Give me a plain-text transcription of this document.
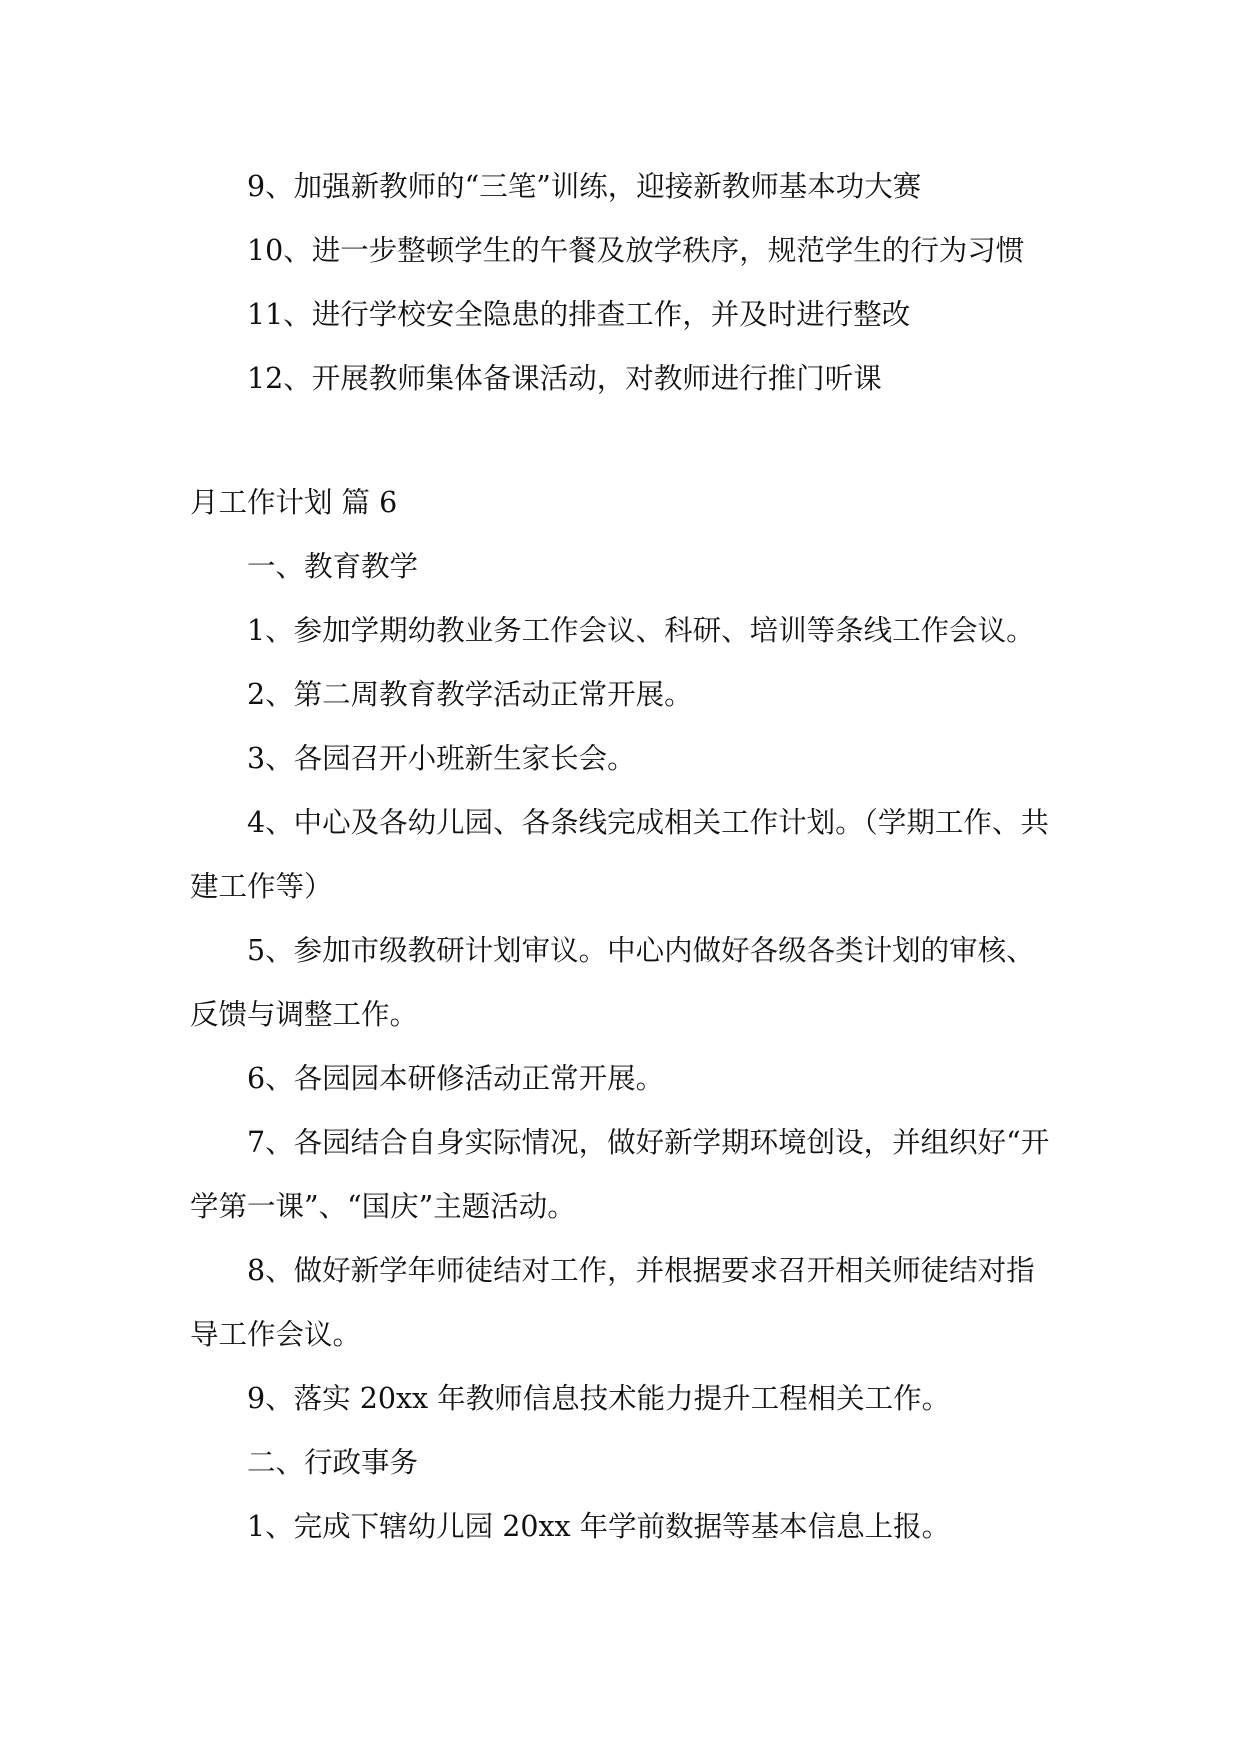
9、加强新教师的“三笔”训练，迎接新教师基本功大赛

10、进一步整顿学生的午餐及放学秩序，规范学生的行为习惯

11、进行学校安全隐患的排查工作，并及时进行整改

12、开展教师集体备课活动，对教师进行推门听课

月工作计划 篇 6

一、教育教学

1、参加学期幼教业务工作会议、科研、培训等条线工作会议。

2、第二周教育教学活动正常开展。

3、各园召开小班新生家长会。

4、中心及各幼儿园、各条线完成相关工作计划。（学期工作、共建工作等）

5、参加市级教研计划审议。中心内做好各级各类计划的审核、反馈与调整工作。

6、各园园本研修活动正常开展。

7、各园结合自身实际情况，做好新学期环境创设，并组织好“开学第一课”、“国庆”主题活动。

8、做好新学年师徒结对工作，并根据要求召开相关师徒结对指导工作会议。

9、落实 20xx 年教师信息技术能力提升工程相关工作。

二、行政事务

1、完成下辖幼儿园 20xx 年学前数据等基本信息上报。
